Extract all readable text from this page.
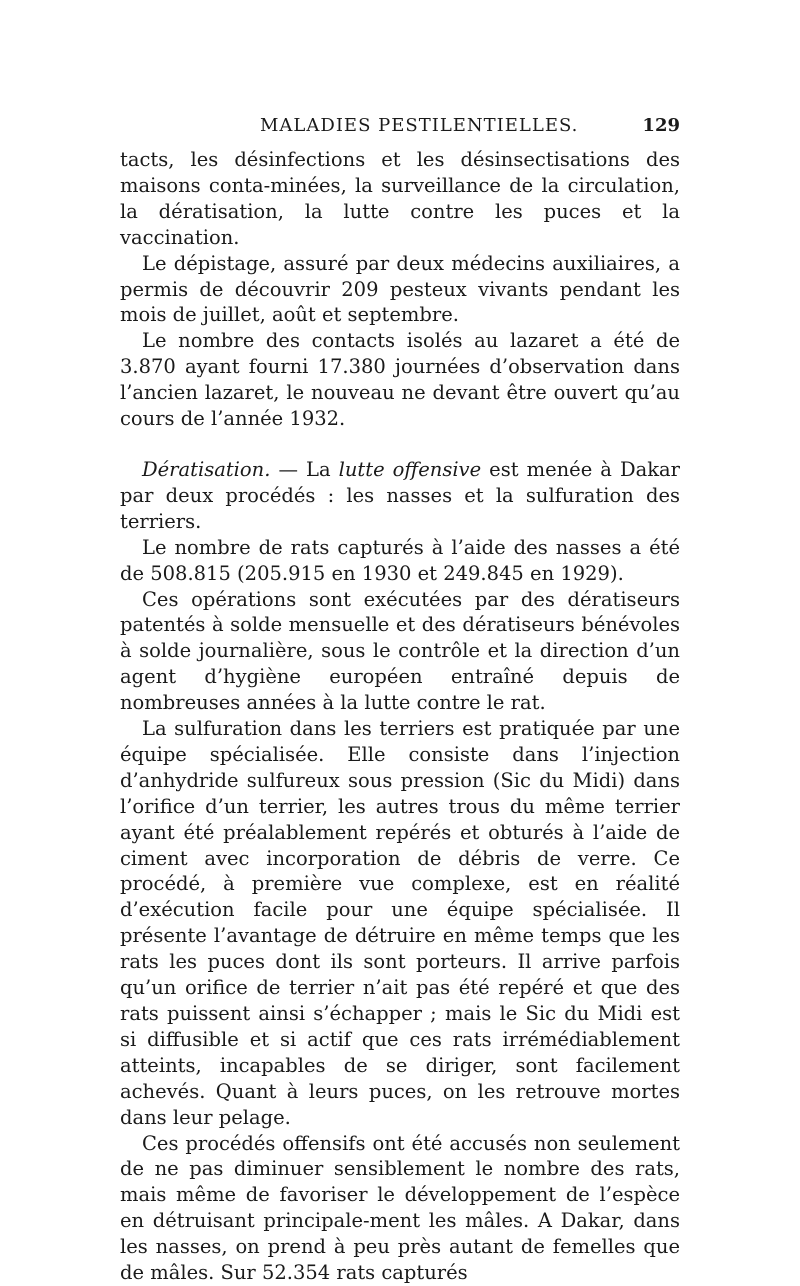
MALADIES PESTILENTIELLES.	129

tacts, les désinfections et les désinsectisations des maisons conta-minées, la surveillance de la circulation, la dératisation, la lutte contre les puces et la vaccination.

Le dépistage, assuré par deux médecins auxiliaires, a permis de découvrir 209 pesteux vivants pendant les mois de juillet, août et septembre.

Le nombre des contacts isolés au lazaret a été de 3.870 ayant fourni 17.380 journées d’observation dans l’ancien lazaret, le nouveau ne devant être ouvert qu’au cours de l’année 1932.

Dératisation. — La lutte offensive est menée à Dakar par deux procédés : les nasses et la sulfuration des terriers.

Le nombre de rats capturés à l’aide des nasses a été de 508.815 (205.915 en 1930 et 249.845 en 1929).

Ces opérations sont exécutées par des dératiseurs patentés à solde mensuelle et des dératiseurs bénévoles à solde journalière, sous le contrôle et la direction d’un agent d’hygiène européen entraîné depuis de nombreuses années à la lutte contre le rat.

La sulfuration dans les terriers est pratiquée par une équipe spécialisée. Elle consiste dans l’injection d’anhydride sulfureux sous pression (Sic du Midi) dans l’orifice d’un terrier, les autres trous du même terrier ayant été préalablement repérés et obturés à l’aide de ciment avec incorporation de débris de verre. Ce procédé, à première vue complexe, est en réalité d’exécution facile pour une équipe spécialisée. Il présente l’avantage de détruire en même temps que les rats les puces dont ils sont porteurs. Il arrive parfois qu’un orifice de terrier n’ait pas été repéré et que des rats puissent ainsi s’échapper ; mais le Sic du Midi est si diffusible et si actif que ces rats irrémédiablement atteints, incapables de se diriger, sont facilement achevés. Quant à leurs puces, on les retrouve mortes dans leur pelage.

Ces procédés offensifs ont été accusés non seulement de ne pas diminuer sensiblement le nombre des rats, mais même de favoriser le développement de l’espèce en détruisant principale-ment les mâles. A Dakar, dans les nasses, on prend à peu près autant de femelles que de mâles. Sur 52.354 rats capturés
